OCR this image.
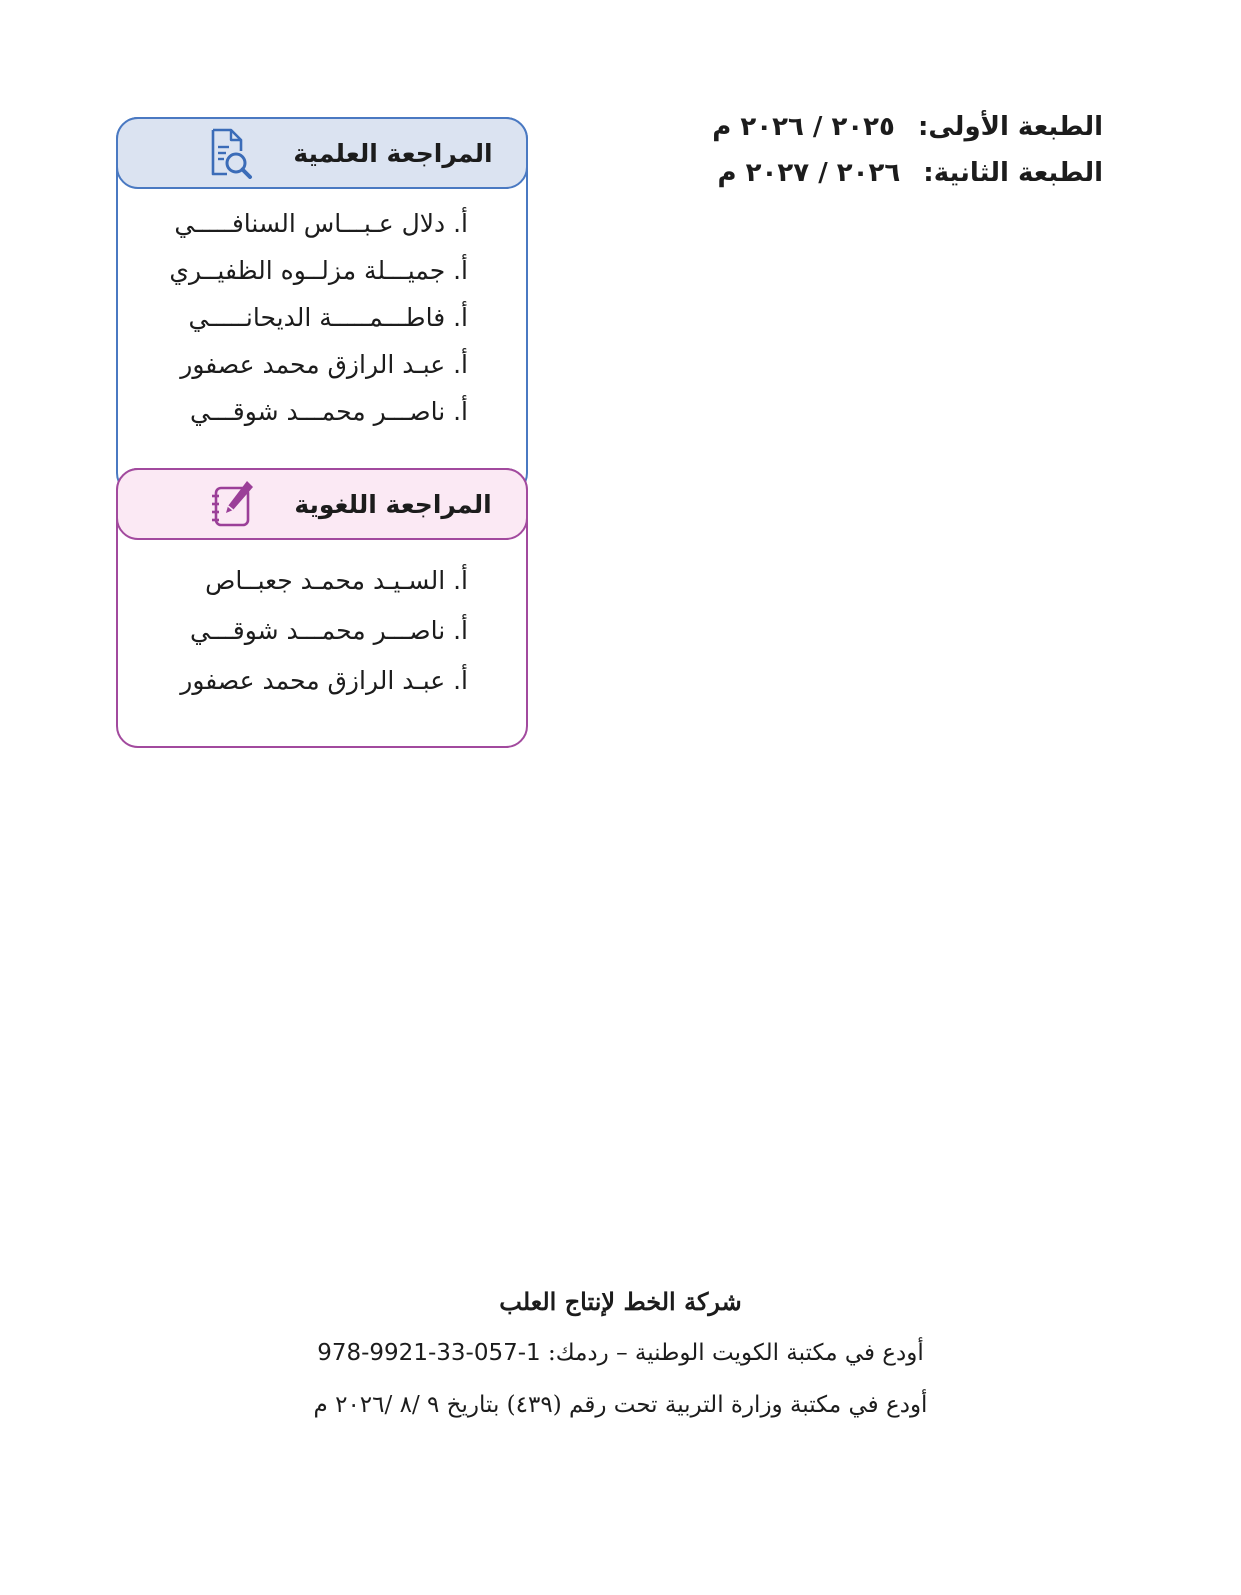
الطبعة الأولى: ٢٠٢٥ / ٢٠٢٦ م
الطبعة الثانية: ٢٠٢٦ / ٢٠٢٧ م
المراجعة العلمية
أ. دلال عـبـــاس السنافـــــي
أ. جميـــلة مزلــوه الظفيــري
أ. فاطـــمـــــة الديحانـــــي
أ. عبـد الرازق محمد عصفور
أ. ناصـــر محمـــد شوقـــي
المراجعة اللغوية
أ. السـيـد محمـد جعبــاص
أ. ناصـــر محمـــد شوقـــي
أ. عبـد الرازق محمد عصفور
شركة الخط لإنتاج العلب
أودع في مكتبة الكويت الوطنية – ردمك: 978-9921-33-057-1
أودع في مكتبة وزارة التربية تحت رقم (٤٣٩) بتاريخ ٩ /٨ /٢٠٢٦ م
